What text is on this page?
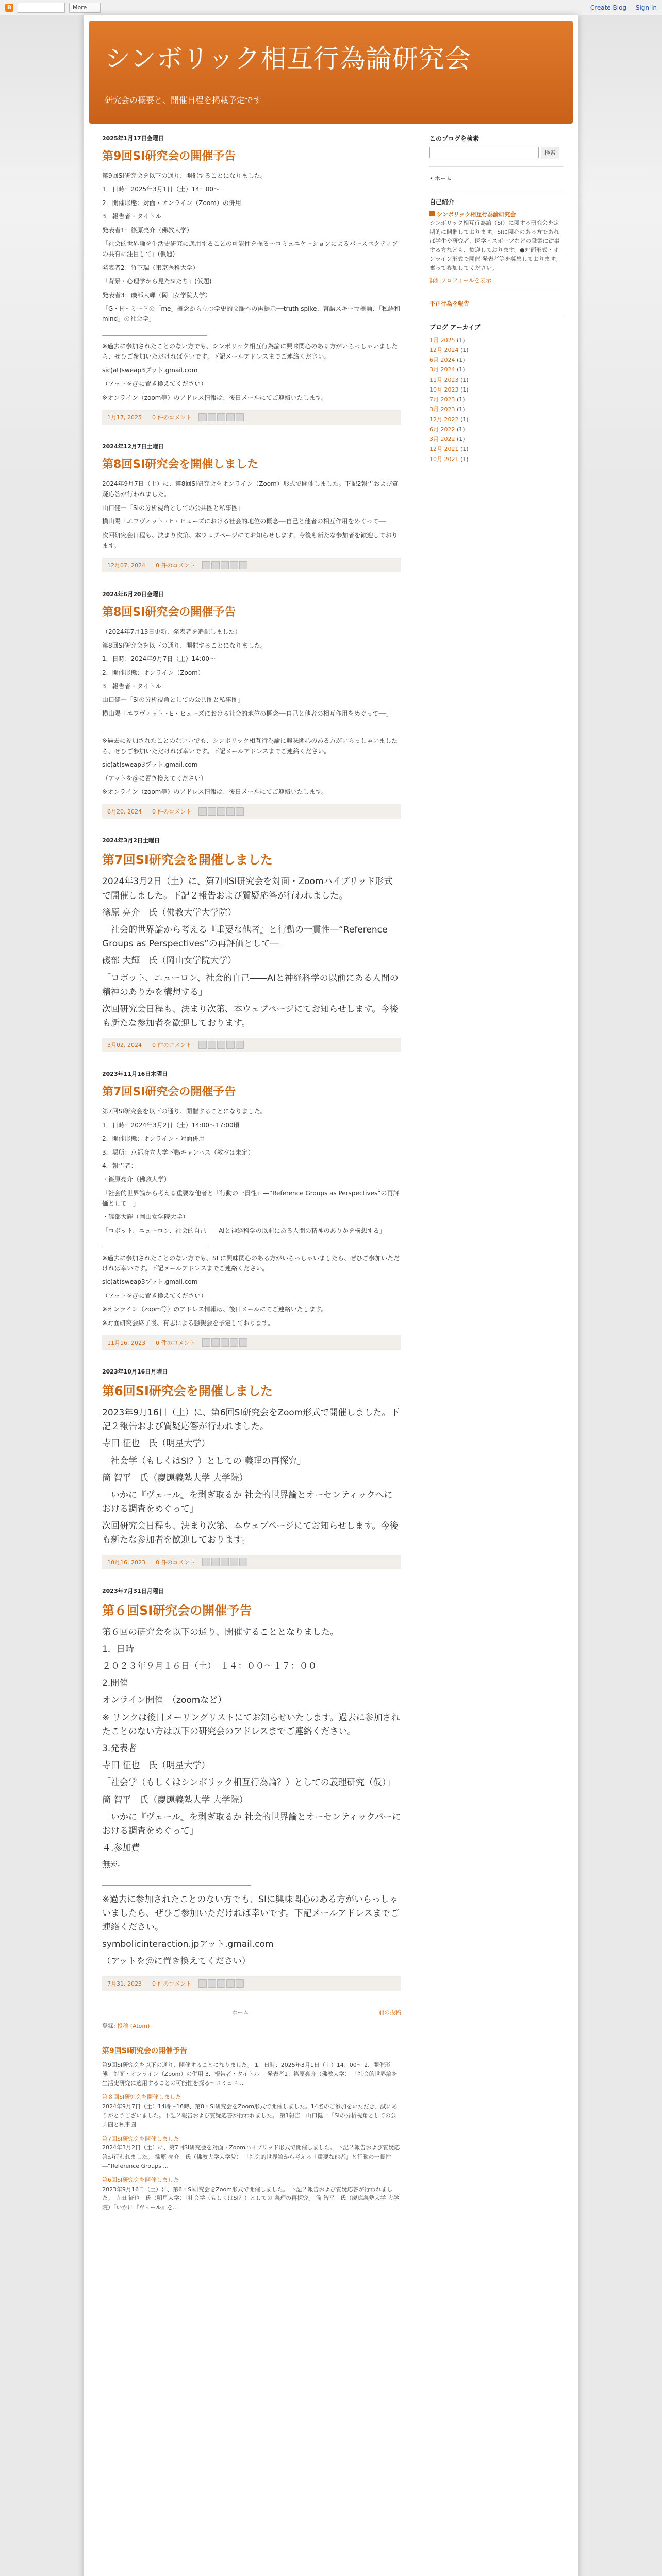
B	More	Create Blog Sign In
シンボリック相互行為論研究会
研究会の概要と、開催日程を掲載予定です
2025年1月17日金曜日
第9回SI研究会の開催予告

第9回SI研究会を以下の通り、開催することになりました。

1．日時：2025年3月1日（土）14：00～

2．開催形態：対面・オンライン（Zoom）の併用

3．報告者・タイトル

発表者1：篠原亮介（佛教大学）

「社会的世界論を生活史研究に適用することの可能性を探る〜コミュニケーションによるパースペクティブの共有に注目して」(仮題)

発表者2：竹下瑞（東京医科大学）

「背景・心理学から見たSIたち」(仮題)

発表者3：磯部大輝（岡山女学院大学）

「G・H・ミードの「me」概念から立つ学史的文脈への再提示──truth spike、言語スキーマ概論、「私語和mind」の社会学」

＿＿＿＿＿＿＿＿＿＿＿＿＿＿＿＿＿

※過去に参加されたことのない方でも、シンボリック相互行為論に興味関心のある方がいらっしゃいましたら、ぜひご参加いただければ幸いです。下記メールアドレスまでご連絡ください。

sic(at)sweap3プット.gmail.com

（アットを＠に置き換えてください）

※オンライン（zoom等）のアドレス情報は、後日メールにてご連絡いたします。

1月17, 2025 0 件のコメント
2024年12月7日土曜日
第8回SI研究会を開催しました

2024年9月7日（土）に、第8回SI研究会をオンライン（Zoom）形式で開催しました。下記2報告および質疑応答が行われました。

山口健一「SIの分析視角としての公共圏と私事圏」

横山陽「エフヴィット・E・ヒューズにおける社会的地位の概念──自己と他者の相互作用をめぐって──」

次回研究会日程も、決まり次第、本ウェブページにてお知らせします。今後も新たな参加者を歓迎しております。

12月07, 2024 0 件のコメント
2024年6月20日金曜日
第8回SI研究会の開催予告

（2024年7月13日更新、発表者を追記しました）

第8回SI研究会を以下の通り、開催することになりました。

1．日時：2024年9月7日（土）14:00～

2．開催形態：オンライン（Zoom）

3．報告者・タイトル

山口健一「SIの分析視角としての公共圏と私事圏」

横山陽「エフヴィット・E・ヒューズにおける社会的地位の概念──自己と他者の相互作用をめぐって──」

＿＿＿＿＿＿＿＿＿＿＿＿＿＿＿＿＿

※過去に参加されたことのない方でも、シンボリック相互行為論に興味関心のある方がいらっしゃいましたら、ぜひご参加いただければ幸いです。下記メールアドレスまでご連絡ください。

sic(at)sweap3プット.gmail.com

（アットを＠に置き換えてください）

※オンライン（zoom等）のアドレス情報は、後日メールにてご連絡いたします。

6月20, 2024 0 件のコメント
2024年3月2日土曜日
第7回SI研究会を開催しました

2024年3月2日（土）に、第7回SI研究会を対面・Zoomハイブリッド形式で開催しました。下記２報告および質疑応答が行われました。

篠原 亮介　氏（佛教大学大学院）

「社会的世界論から考える『重要な他者』と行動の一貫性―“Reference Groups as Perspectives”の再評価として―」

磯部 大輝　氏（岡山女学院大学）

「ロボット、ニューロン、社会的自己――AIと神経科学の以前にある人間の精神のありかを構想する」

次回研究会日程も、決まり次第、本ウェブページにてお知らせします。今後も新たな参加者を歓迎しております。

3月02, 2024 0 件のコメント
2023年11月16日木曜日
第7回SI研究会の開催予告

第7回SI研究会を以下の通り、開催することになりました。

1．日時：2024年3月2日（土）14:00～17:00頃

2．開催形態：オンライン・対面併用

3．場所：京都府立大学下鴨キャンパス（教室は未定）

4．報告者：

・篠原亮介（佛教大学）

「社会的世界論から考える重要な他者と『行動の一貫性』―“Reference Groups as Perspectives”の再評価として―」

・磯部大輝（岡山女学院大学）

「ロボット、ニューロン、社会的自己――AIと神経科学の以前にある人間の精神のありかを構想する」

＿＿＿＿＿＿＿＿＿＿＿＿＿＿＿＿＿

※過去に参加されたことのない方でも、SI に興味関心のある方がいらっしゃいましたら、ぜひご参加いただければ幸いです。下記メールアドレスまでご連絡ください。

sic(at)sweap3プット.gmail.com

（アットを＠に置き換えてください）

※オンライン（zoom等）のアドレス情報は、後日メールにてご連絡いたします。

※対面研究会終了後、有志による懇親会を予定しております。

11月16, 2023 0 件のコメント
2023年10月16日月曜日
第6回SI研究会を開催しました

2023年9月16日（土）に、第6回SI研究会をZoom形式で開催しました。下記２報告および質疑応答が行われました。

寺田 征也　氏（明星大学）

「社会学（もしくはSI？）としての 義理の再探究」

筒 智平　氏（慶應義塾大学 大学院）

「いかに『ヴェール』を剥ぎ取るか 社会的世界論とオーセンティックへにおける調査をめぐって」

次回研究会日程も、決まり次第、本ウェブページにてお知らせします。今後も新たな参加者を歓迎しております。

10月16, 2023 0 件のコメント
2023年7月31日月曜日
第６回SI研究会の開催予告

第６回の研究会を以下の通り、開催することとなりました。

1．日時

２０２３年９月１６日（土）　１４：００～１７：００

2.開催

オンライン開催　（zoomなど）

※ リンクは後日メーリングリストにてお知らせいたします。過去に参加されたことのない方は以下の研究会のアドレスまでご連絡ください。

3.発表者

寺田 征也　氏（明星大学）

「社会学（もしくはシンボリック相互行為論？）としての義理研究（仮）」

筒 智平　氏（慶應義塾大学 大学院）

「いかに『ヴェール』を剥ぎ取るか 社会的世界論とオーセンティックパーにおける調査をめぐって」

４.参加費

無料

＿＿＿＿＿＿＿＿＿＿＿＿＿＿＿＿＿

※過去に参加されたことのない方でも、SIに興味関心のある方がいらっしゃいましたら、ぜひご参加いただければ幸いです。下記メールアドレスまでご連絡ください。

symbolicinteraction.jpアット.gmail.com

（アットを＠に置き換えてください）

7月31, 2023 0 件のコメント
ホーム	前の投稿
登録: 投稿 (Atom)
第9回SI研究会の開催予告
第9回SI研究会を以下の通り、開催することになりました。 1．日時：2025年3月1日（土）14：00～ 2．開催形態：対面・オンライン（Zoom）の併用 3．報告者・タイトル 　発表者1：篠原亮介（佛教大学） 「社会的世界論を生活史研究に適用することの可能性を探る〜コミュニ...
第８回SI研究会を開催しました
2024年9月7日（土）14時～16時、第8回SI研究会をZoom形式で開催しました。14名のご参加をいただき、誠にありがとうございました。下記２報告および質疑応答が行われました。 第1報告　山口健一「SIの分析視角としての公共圏と私事圏」
第7回SI研究会を開催しました
2024年3月2日（土）に、第7回SI研究会を対面・Zoomハイブリッド形式で開催しました。 下記２報告および質疑応答が行われました。 篠原 亮介　氏（佛教大学大学院） 「社会的世界論から考える『重要な他者』と行動の一貫性―“Reference Groups ...
第6回SI研究会を開催しました
2023年9月16日（土）に、第6回SI研究会をZoom形式で開催しました。 下記２報告および質疑応答が行われました。 寺田 征也　氏（明星大学）「社会学（もしくはSI？）としての 義理の再探究」 筒 智平　氏（慶應義塾大学 大学院）「いかに『ヴェール』を...
このブログを検索
検索
• ホーム
自己紹介
シンボリック相互行為論研究会
シンボリック相互行為論（SI）に関する研究会を定期的に開催しております。SIに関心のある方であれば学生や研究者、医学・スポーツなどの職業に従事する方なども、歓迎しております。●対面形式・オンライン形式で開催 発表者等を募集しております。奮って参加してください。
詳細プロフィールを表示
不正行為を報告
ブログ アーカイブ
1月 2025 (1)
12月 2024 (1)
6月 2024 (1)
3月 2024 (1)
11月 2023 (1)
10月 2023 (1)
7月 2023 (1)
3月 2023 (1)
12月 2022 (1)
6月 2022 (1)
3月 2022 (1)
12月 2021 (1)
10月 2021 (1)
